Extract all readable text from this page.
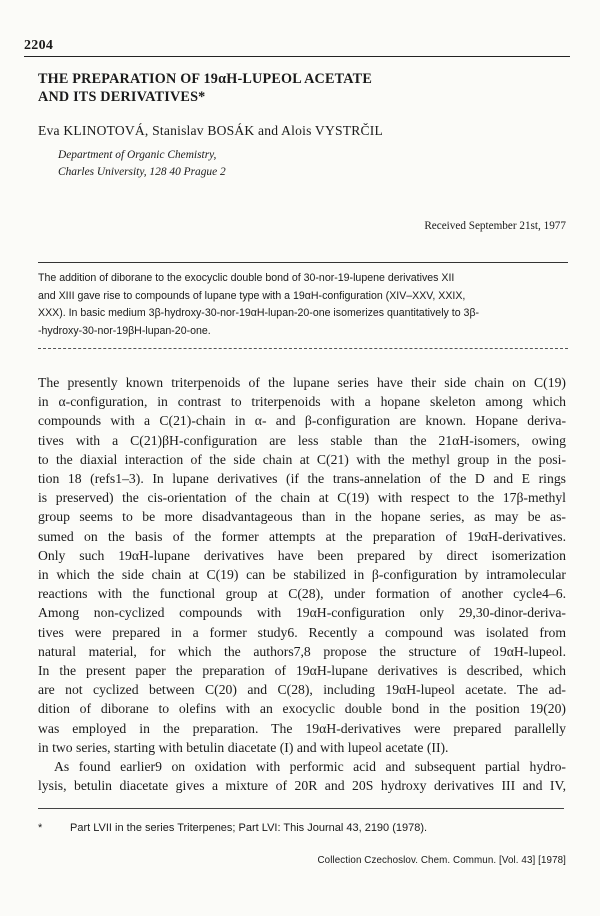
2204
THE PREPARATION OF 19αH-LUPEOL ACETATE
AND ITS DERIVATIVES*
Eva KLINOTOVÁ, Stanislav BOSÁK and Alois VYSTRČIL
Department of Organic Chemistry,
Charles University, 128 40 Prague 2
Received September 21st, 1977
The addition of diborane to the exocyclic double bond of 30-nor-19-lupene derivatives XII
and XIII gave rise to compounds of lupane type with a 19αH-configuration (XIV–XXV, XXIX,
XXX). In basic medium 3β-hydroxy-30-nor-19αH-lupan-20-one isomerizes quantitatively to 3β-
-hydroxy-30-nor-19βH-lupan-20-one.
The presently known triterpenoids of the lupane series have their side chain on C(19)
in α-configuration, in contrast to triterpenoids with a hopane skeleton among which
compounds with a C(21)-chain in α- and β-configuration are known. Hopane deriva-
tives with a C(21)βH-configuration are less stable than the 21αH-isomers, owing
to the diaxial interaction of the side chain at C(21) with the methyl group in the posi-
tion 18 (refs1–3). In lupane derivatives (if the trans-annelation of the D and E rings
is preserved) the cis-orientation of the chain at C(19) with respect to the 17β-methyl
group seems to be more disadvantageous than in the hopane series, as may be as-
sumed on the basis of the former attempts at the preparation of 19αH-derivatives.
Only such 19αH-lupane derivatives have been prepared by direct isomerization
in which the side chain at C(19) can be stabilized in β-configuration by intramolecular
reactions with the functional group at C(28), under formation of another cycle4–6.
Among non-cyclized compounds with 19αH-configuration only 29,30-dinor-deriva-
tives were prepared in a former study6. Recently a compound was isolated from
natural material, for which the authors7,8 propose the structure of 19αH-lupeol.
In the present paper the preparation of 19αH-lupane derivatives is described, which
are not cyclized between C(20) and C(28), including 19αH-lupeol acetate. The ad-
dition of diborane to olefins with an exocyclic double bond in the position 19(20)
was employed in the preparation. The 19αH-derivatives were prepared parallelly
in two series, starting with betulin diacetate (I) and with lupeol acetate (II).
As found earlier9 on oxidation with performic acid and subsequent partial hydro-
lysis, betulin diacetate gives a mixture of 20R and 20S hydroxy derivatives III and IV,
*	Part LVII in the series Triterpenes; Part LVI: This Journal 43, 2190 (1978).
Collection Czechoslov. Chem. Commun. [Vol. 43] [1978]
